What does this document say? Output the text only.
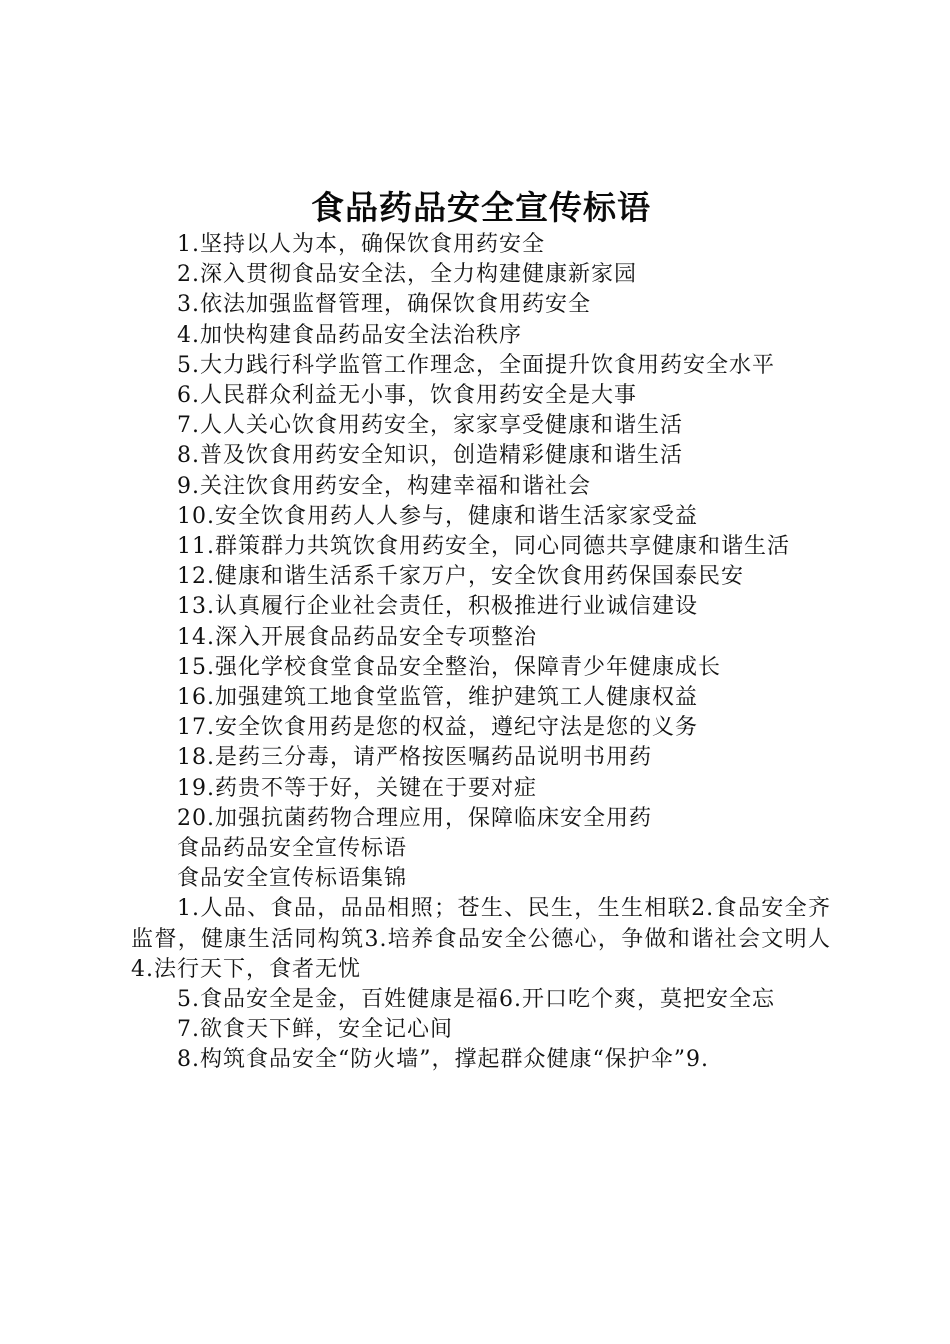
食品药品安全宣传标语

1.坚持以人为本，确保饮食用药安全

2.深入贯彻食品安全法，全力构建健康新家园

3.依法加强监督管理，确保饮食用药安全

4.加快构建食品药品安全法治秩序

5.大力践行科学监管工作理念，全面提升饮食用药安全水平

6.人民群众利益无小事，饮食用药安全是大事

7.人人关心饮食用药安全，家家享受健康和谐生活

8.普及饮食用药安全知识，创造精彩健康和谐生活

9.关注饮食用药安全，构建幸福和谐社会

10.安全饮食用药人人参与，健康和谐生活家家受益

11.群策群力共筑饮食用药安全，同心同德共享健康和谐生活

12.健康和谐生活系千家万户，安全饮食用药保国泰民安

13.认真履行企业社会责任，积极推进行业诚信建设

14.深入开展食品药品安全专项整治

15.强化学校食堂食品安全整治，保障青少年健康成长

16.加强建筑工地食堂监管，维护建筑工人健康权益

17.安全饮食用药是您的权益，遵纪守法是您的义务

18.是药三分毒，请严格按医嘱药品说明书用药

19.药贵不等于好，关键在于要对症

20.加强抗菌药物合理应用，保障临床安全用药

食品药品安全宣传标语

食品安全宣传标语集锦

1.人品、食品，品品相照；苍生、民生，生生相联2.食品安全齐监督，健康生活同构筑3.培养食品安全公德心，争做和谐社会文明人4.法行天下，食者无忧

5.食品安全是金，百姓健康是福6.开口吃个爽，莫把安全忘

7.欲食天下鲜，安全记心间

8.构筑食品安全“防火墙”，撑起群众健康“保护伞”9.
